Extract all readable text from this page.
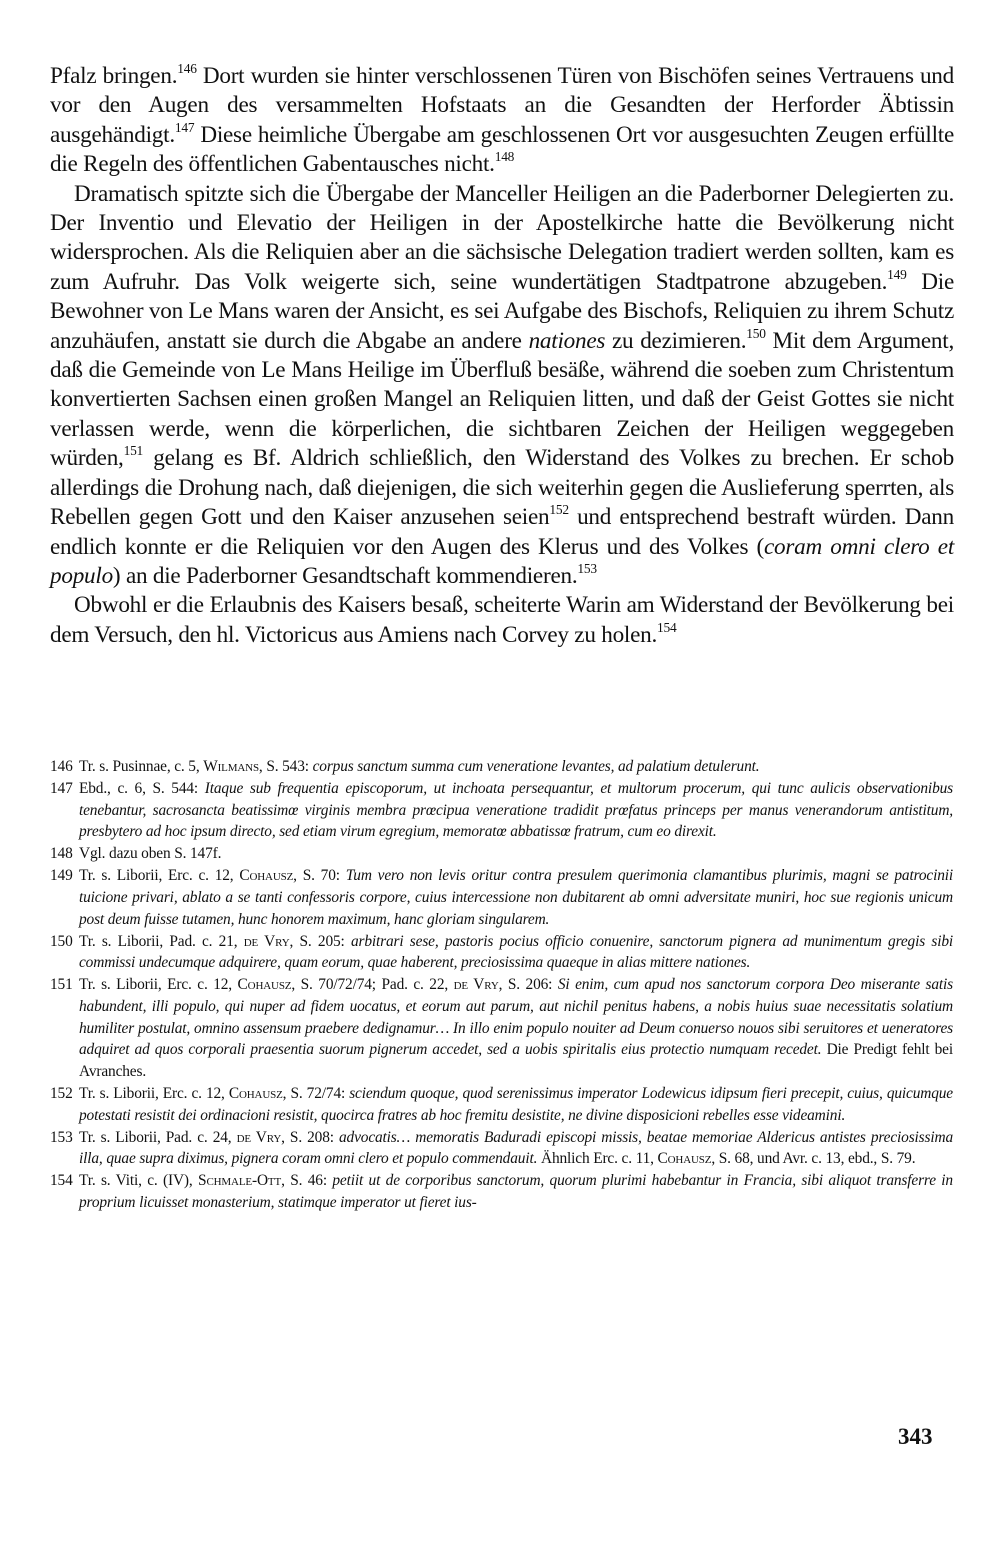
Pfalz bringen.$^{146}$ Dort wurden sie hinter verschlossenen Türen von Bischöfen seines Vertrauens und vor den Augen des versammelten Hofstaats an die Gesandten der Herforder Äbtissin ausgehändigt.$^{147}$ Diese heimliche Übergabe am geschlossenen Ort vor ausgesuchten Zeugen erfüllte die Regeln des öffentlichen Gabentausches nicht.$^{148}$

Dramatisch spitzte sich die Übergabe der Manceller Heiligen an die Paderborner Delegierten zu. Der Inventio und Elevatio der Heiligen in der Apostelkirche hatte die Bevölkerung nicht widersprochen. Als die Reliquien aber an die sächsische Delegation tradiert werden sollten, kam es zum Aufruhr. Das Volk weigerte sich, seine wundertätigen Stadtpatrone abzugeben.$^{149}$ Die Bewohner von Le Mans waren der Ansicht, es sei Aufgabe des Bischofs, Reliquien zu ihrem Schutz anzuhäufen, anstatt sie durch die Abgabe an andere nationes zu dezimieren.$^{150}$ Mit dem Argument, daß die Gemeinde von Le Mans Heilige im Überfluß besäße, während die soeben zum Christentum konvertierten Sachsen einen großen Mangel an Reliquien litten, und daß der Geist Gottes sie nicht verlassen werde, wenn die körperlichen, die sichtbaren Zeichen der Heiligen weggegeben würden,$^{151}$ gelang es Bf. Aldrich schließlich, den Widerstand des Volkes zu brechen. Er schob allerdings die Drohung nach, daß diejenigen, die sich weiterhin gegen die Auslieferung sperrten, als Rebellen gegen Gott und den Kaiser anzusehen seien$^{152}$ und entsprechend bestraft würden. Dann endlich konnte er die Reliquien vor den Augen des Klerus und des Volkes (coram omni clero et populo) an die Paderborner Gesandtschaft kommendieren.$^{153}$

Obwohl er die Erlaubnis des Kaisers besaß, scheiterte Warin am Widerstand der Bevölkerung bei dem Versuch, den hl. Victoricus aus Amiens nach Corvey zu holen.$^{154}$

146 Tr. s. Pusinnae, c. 5, Wilmans, S. 543: corpus sanctum summa cum veneratione levantes, ad palatium detulerunt.
147 Ebd., c. 6, S. 544: Itaque sub frequentia episcoporum, ut inchoata persequantur, et multorum procerum, qui tunc aulicis observationibus tenebantur, sacrosancta beatissimœ virginis membra prœcipua veneratione tradidit prœfatus princeps per manus venerandorum antistitum, presbytero ad hoc ipsum directo, sed etiam virum egregium, memoratœ abbatissœ fratrum, cum eo direxit.
148 Vgl. dazu oben S. 147f.
149 Tr. s. Liborii, Erc. c. 12, Cohausz, S. 70: Tum vero non levis oritur contra presulem querimonia clamantibus plurimis, magni se patrocinii tuicione privari, ablato a se tanti confessoris corpore, cuius intercessione non dubitarent ab omni adversitate muniri, hoc sue regionis unicum post deum fuisse tutamen, hunc honorem maximum, hanc gloriam singularem.
150 Tr. s. Liborii, Pad. c. 21, de Vry, S. 205: arbitrari sese, pastoris pocius officio conuenire, sanctorum pignera ad munimentum gregis sibi commissi undecumque adquirere, quam eorum, quae haberent, preciosissima quaeque in alias mittere nationes.
151 Tr. s. Liborii, Erc. c. 12, Cohausz, S. 70/72/74; Pad. c. 22, de Vry, S. 206: Si enim, cum apud nos sanctorum corpora Deo miserante satis habundent, illi populo, qui nuper ad fidem uocatus, et eorum aut parum, aut nichil penitus habens, a nobis huius suae necessitatis solatium humiliter postulat, omnino assensum praebere dedignamur… In illo enim populo nouiter ad Deum conuerso nouos sibi seruitores et ueneratores adquiret ad quos corporali praesentia suorum pignerum accedet, sed a uobis spiritalis eius protectio numquam recedet. Die Predigt fehlt bei Avranches.
152 Tr. s. Liborii, Erc. c. 12, Cohausz, S. 72/74: sciendum quoque, quod serenissimus imperator Lodewicus idipsum fieri precepit, cuius, quicumque potestati resistit dei ordinacioni resistit, quocirca fratres ab hoc fremitu desistite, ne divine disposicioni rebelles esse videamini.
153 Tr. s. Liborii, Pad. c. 24, de Vry, S. 208: advocatis… memoratis Baduradi episcopi missis, beatae memoriae Aldericus antistes preciosissima illa, quae supra diximus, pignera coram omni clero et populo commendauit. Ähnlich Erc. c. 11, Cohausz, S. 68, und Avr. c. 13, ebd., S. 79.
154 Tr. s. Viti, c. (IV), Schmale-Ott, S. 46: petiit ut de corporibus sanctorum, quorum plurimi habebantur in Francia, sibi aliquot transferre in proprium licuisset monasterium, statimque imperator ut fieret ius-
343
